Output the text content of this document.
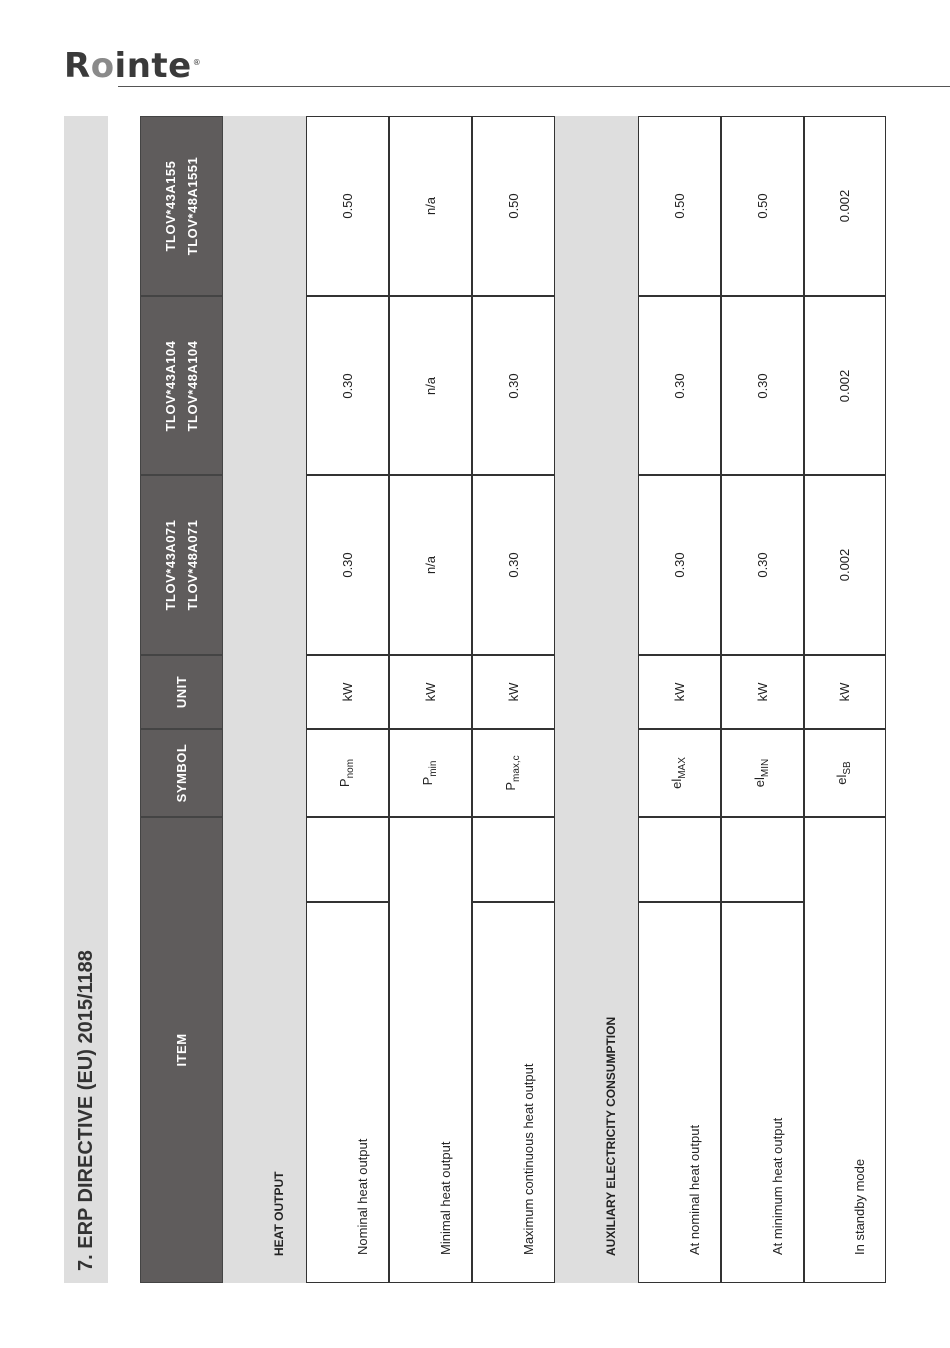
Rointe®
7. ERP DIRECTIVE (EU) 2015/1188
TLOV*43A155 TLOV*48A1551
TLOV*43A104 TLOV*48A104
TLOV*43A071 TLOV*48A071
UNIT
SYMBOL
ITEM
HEAT OUTPUT
0.50
0.30
0.30
kW
$P_{nom}$
Nominal heat output
n/a
n/a
n/a
kW
$P_{min}$
Minimal heat output
0.50
0.30
0.30
kW
$P_{max,c}$
Maximum continuous heat output	AUXILIARY ELECTRICITY CONSUMPTION
0.50
0.30
0.30
kW
$el_{MAX}$
At nominal heat output
0.50
0.30
0.30
kW
$el_{MIN}$
At minimum heat output
0.002
0.002
0.002
kW
$el_{SB}$
In standby mode
